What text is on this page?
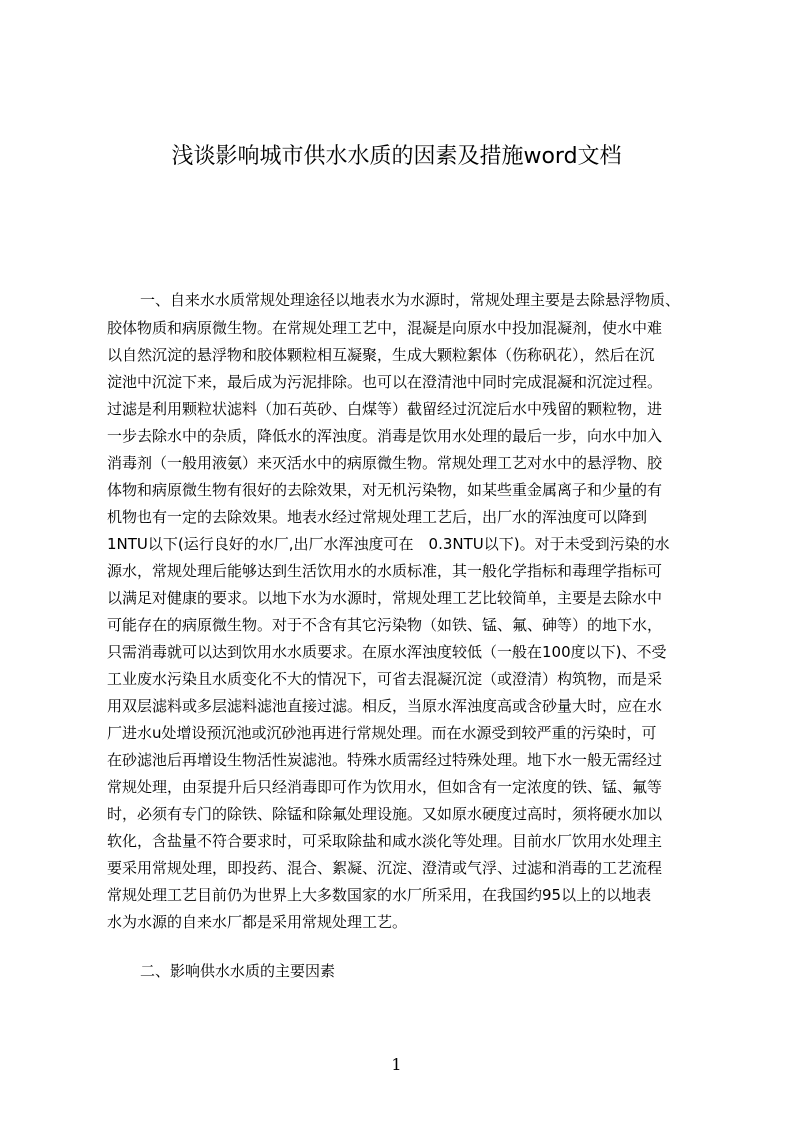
浅谈影响城市供水水质的因素及措施word文档
一、自来水水质常规处理途径以地表水为水源时，常规处理主要是去除悬浮物质、
胶体物质和病原微生物。在常规处理工艺中，混凝是向原水中投加混凝剂，使水中难
以自然沉淀的悬浮物和胶体颗粒相互凝聚，生成大颗粒絮体（伤称矾花），然后在沉
淀池中沉淀下来，最后成为污泥排除。也可以在澄清池中同时完成混凝和沉淀过程。
过滤是利用颗粒状滤料（加石英砂、白煤等）截留经过沉淀后水中残留的颗粒物，进
一步去除水中的杂质，降低水的浑浊度。消毒是饮用水处理的最后一步，向水中加入
消毒剂（一般用液氨）来灭活水中的病原微生物。常规处理工艺对水中的悬浮物、胶
体物和病原微生物有很好的去除效果，对无机污染物，如某些重金属离子和少量的有
机物也有一定的去除效果。地表水经过常规处理工艺后，出厂水的浑浊度可以降到
1NTU以下(运行良好的水厂,出厂水浑浊度可在　0.3NTU以下)。对于未受到污染的水
源水，常规处理后能够达到生活饮用水的水质标准，其一般化学指标和毒理学指标可
以满足对健康的要求。以地下水为水源时，常规处理工艺比较简单，主要是去除水中
可能存在的病原微生物。对于不含有其它污染物（如铁、锰、氟、砷等）的地下水，
只需消毒就可以达到饮用水水质要求。在原水浑浊度较低（一般在100度以下)、不受
工业废水污染且水质变化不大的情况下，可省去混凝沉淀（或澄清）构筑物，而是采
用双层滤料或多层滤料滤池直接过滤。相反，当原水浑浊度高或含砂量大时，应在水
厂进水u处增设预沉池或沉砂池再进行常规处理。而在水源受到较严重的污染时，可
在砂滤池后再增设生物活性炭滤池。特殊水质需经过特殊处理。地下水一般无需经过
常规处理，由泵提升后只经消毒即可作为饮用水，但如含有一定浓度的铁、锰、氟等
时，必须有专门的除铁、除锰和除氟处理设施。又如原水硬度过高时，须将硬水加以
软化，含盐量不符合要求时，可采取除盐和咸水淡化等处理。目前水厂饮用水处理主
要采用常规处理，即投药、混合、絮凝、沉淀、澄清或气浮、过滤和消毒的工艺流程
常规处理工艺目前仍为世界上大多数国家的水厂所采用，在我国约95以上的以地表
水为水源的自来水厂都是采用常规处理工艺。
二、影响供水水质的主要因素
1
